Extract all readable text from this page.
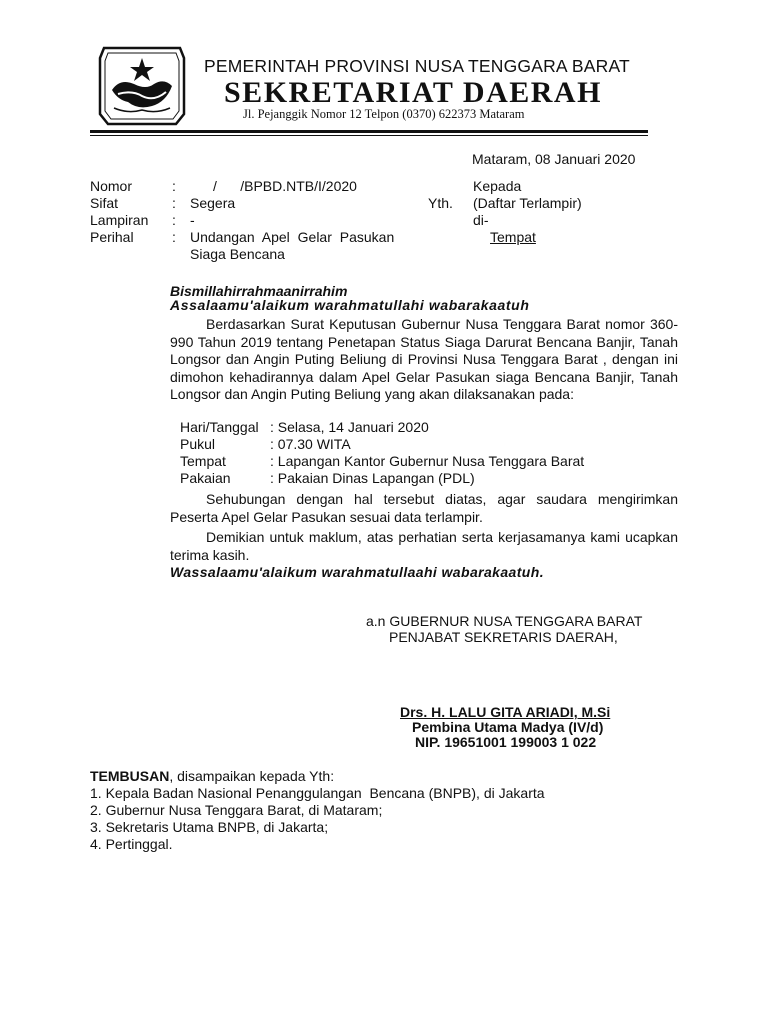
PEMERINTAH PROVINSI NUSA TENGGARA BARAT
SEKRETARIAT DAERAH
Jl. Pejanggik Nomor 12 Telpon (0370) 622373 Mataram
Mataram, 08 Januari 2020
Nomor	:	/      /BPBD.NTB/I/2020
Sifat	: Segera
Lampiran : -
Perihal	: Undangan Apel Gelar Pasukan
Siaga Bencana
Kepada
Yth. (Daftar Terlampir)
di-
Tempat
Bismillahirrahmaanirrahim
Assalaamu'alaikum warahmatullahi wabarakaatuh
Berdasarkan Surat Keputusan Gubernur Nusa Tenggara Barat nomor 360-990 Tahun 2019 tentang Penetapan Status Siaga Darurat Bencana Banjir, Tanah Longsor dan Angin Puting Beliung di Provinsi Nusa Tenggara Barat , dengan ini dimohon kehadirannya dalam Apel Gelar Pasukan siaga Bencana Banjir, Tanah Longsor dan Angin Puting Beliung yang akan dilaksanakan pada:
Hari/Tanggal : Selasa, 14 Januari 2020
Pukul	: 07.30 WITA
Tempat	: Lapangan Kantor Gubernur Nusa Tenggara Barat
Pakaian	: Pakaian Dinas Lapangan (PDL)
Sehubungan dengan hal tersebut diatas, agar saudara mengirimkan Peserta Apel Gelar Pasukan sesuai data terlampir.
Demikian untuk maklum, atas perhatian serta kerjasamanya kami ucapkan terima kasih.
Wassalaamu'alaikum warahmatullaahi wabarakaatuh.
a.n GUBERNUR NUSA TENGGARA BARAT
PENJABAT SEKRETARIS DAERAH,
Drs. H. LALU GITA ARIADI, M.Si
Pembina Utama Madya (IV/d)
NIP. 19651001 199003 1 022
TEMBUSAN, disampaikan kepada Yth:
1. Kepala Badan Nasional Penanggulangan  Bencana (BNPB), di Jakarta
2. Gubernur Nusa Tenggara Barat, di Mataram;
3. Sekretaris Utama BNPB, di Jakarta;
4. Pertinggal.
